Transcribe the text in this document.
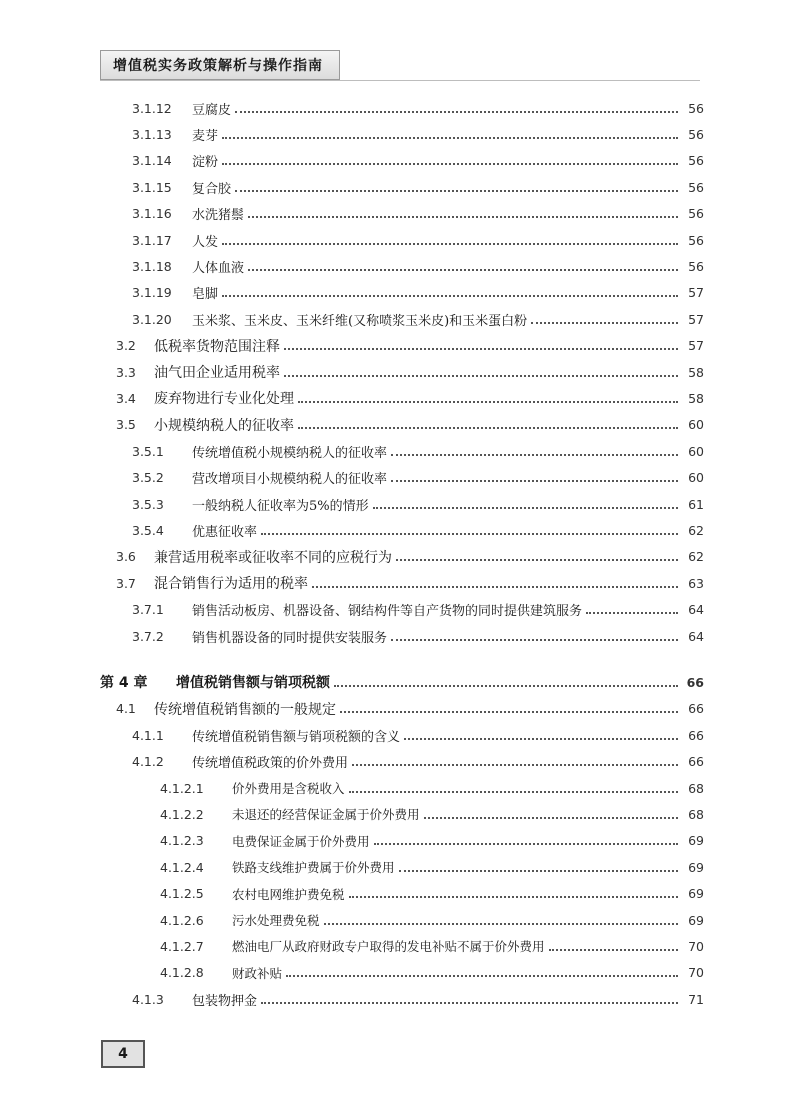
增值税实务政策解析与操作指南
3.1.12	豆腐皮	56
3.1.13	麦芽	56
3.1.14	淀粉	56
3.1.15	复合胶	56
3.1.16	水洗猪鬃	56
3.1.17	人发	56
3.1.18	人体血液	56
3.1.19	皂脚	57
3.1.20	玉米浆、玉米皮、玉米纤维(又称喷浆玉米皮)和玉米蛋白粉	57
3.2	低税率货物范围注释	57
3.3	油气田企业适用税率	58
3.4	废弃物进行专业化处理	58
3.5	小规模纳税人的征收率	60
3.5.1	传统增值税小规模纳税人的征收率	60
3.5.2	营改增项目小规模纳税人的征收率	60
3.5.3	一般纳税人征收率为5%的情形	61
3.5.4	优惠征收率	62
3.6	兼营适用税率或征收率不同的应税行为	62
3.7	混合销售行为适用的税率	63
3.7.1	销售活动板房、机器设备、钢结构件等自产货物的同时提供建筑服务	64
3.7.2	销售机器设备的同时提供安装服务	64
第 4 章	增值税销售额与销项税额	66
4.1	传统增值税销售额的一般规定	66
4.1.1	传统增值税销售额与销项税额的含义	66
4.1.2	传统增值税政策的价外费用	66
4.1.2.1	价外费用是含税收入	68
4.1.2.2	未退还的经营保证金属于价外费用	68
4.1.2.3	电费保证金属于价外费用	69
4.1.2.4	铁路支线维护费属于价外费用	69
4.1.2.5	农村电网维护费免税	69
4.1.2.6	污水处理费免税	69
4.1.2.7	燃油电厂从政府财政专户取得的发电补贴不属于价外费用	70
4.1.2.8	财政补贴	70
4.1.3	包装物押金	71
4
